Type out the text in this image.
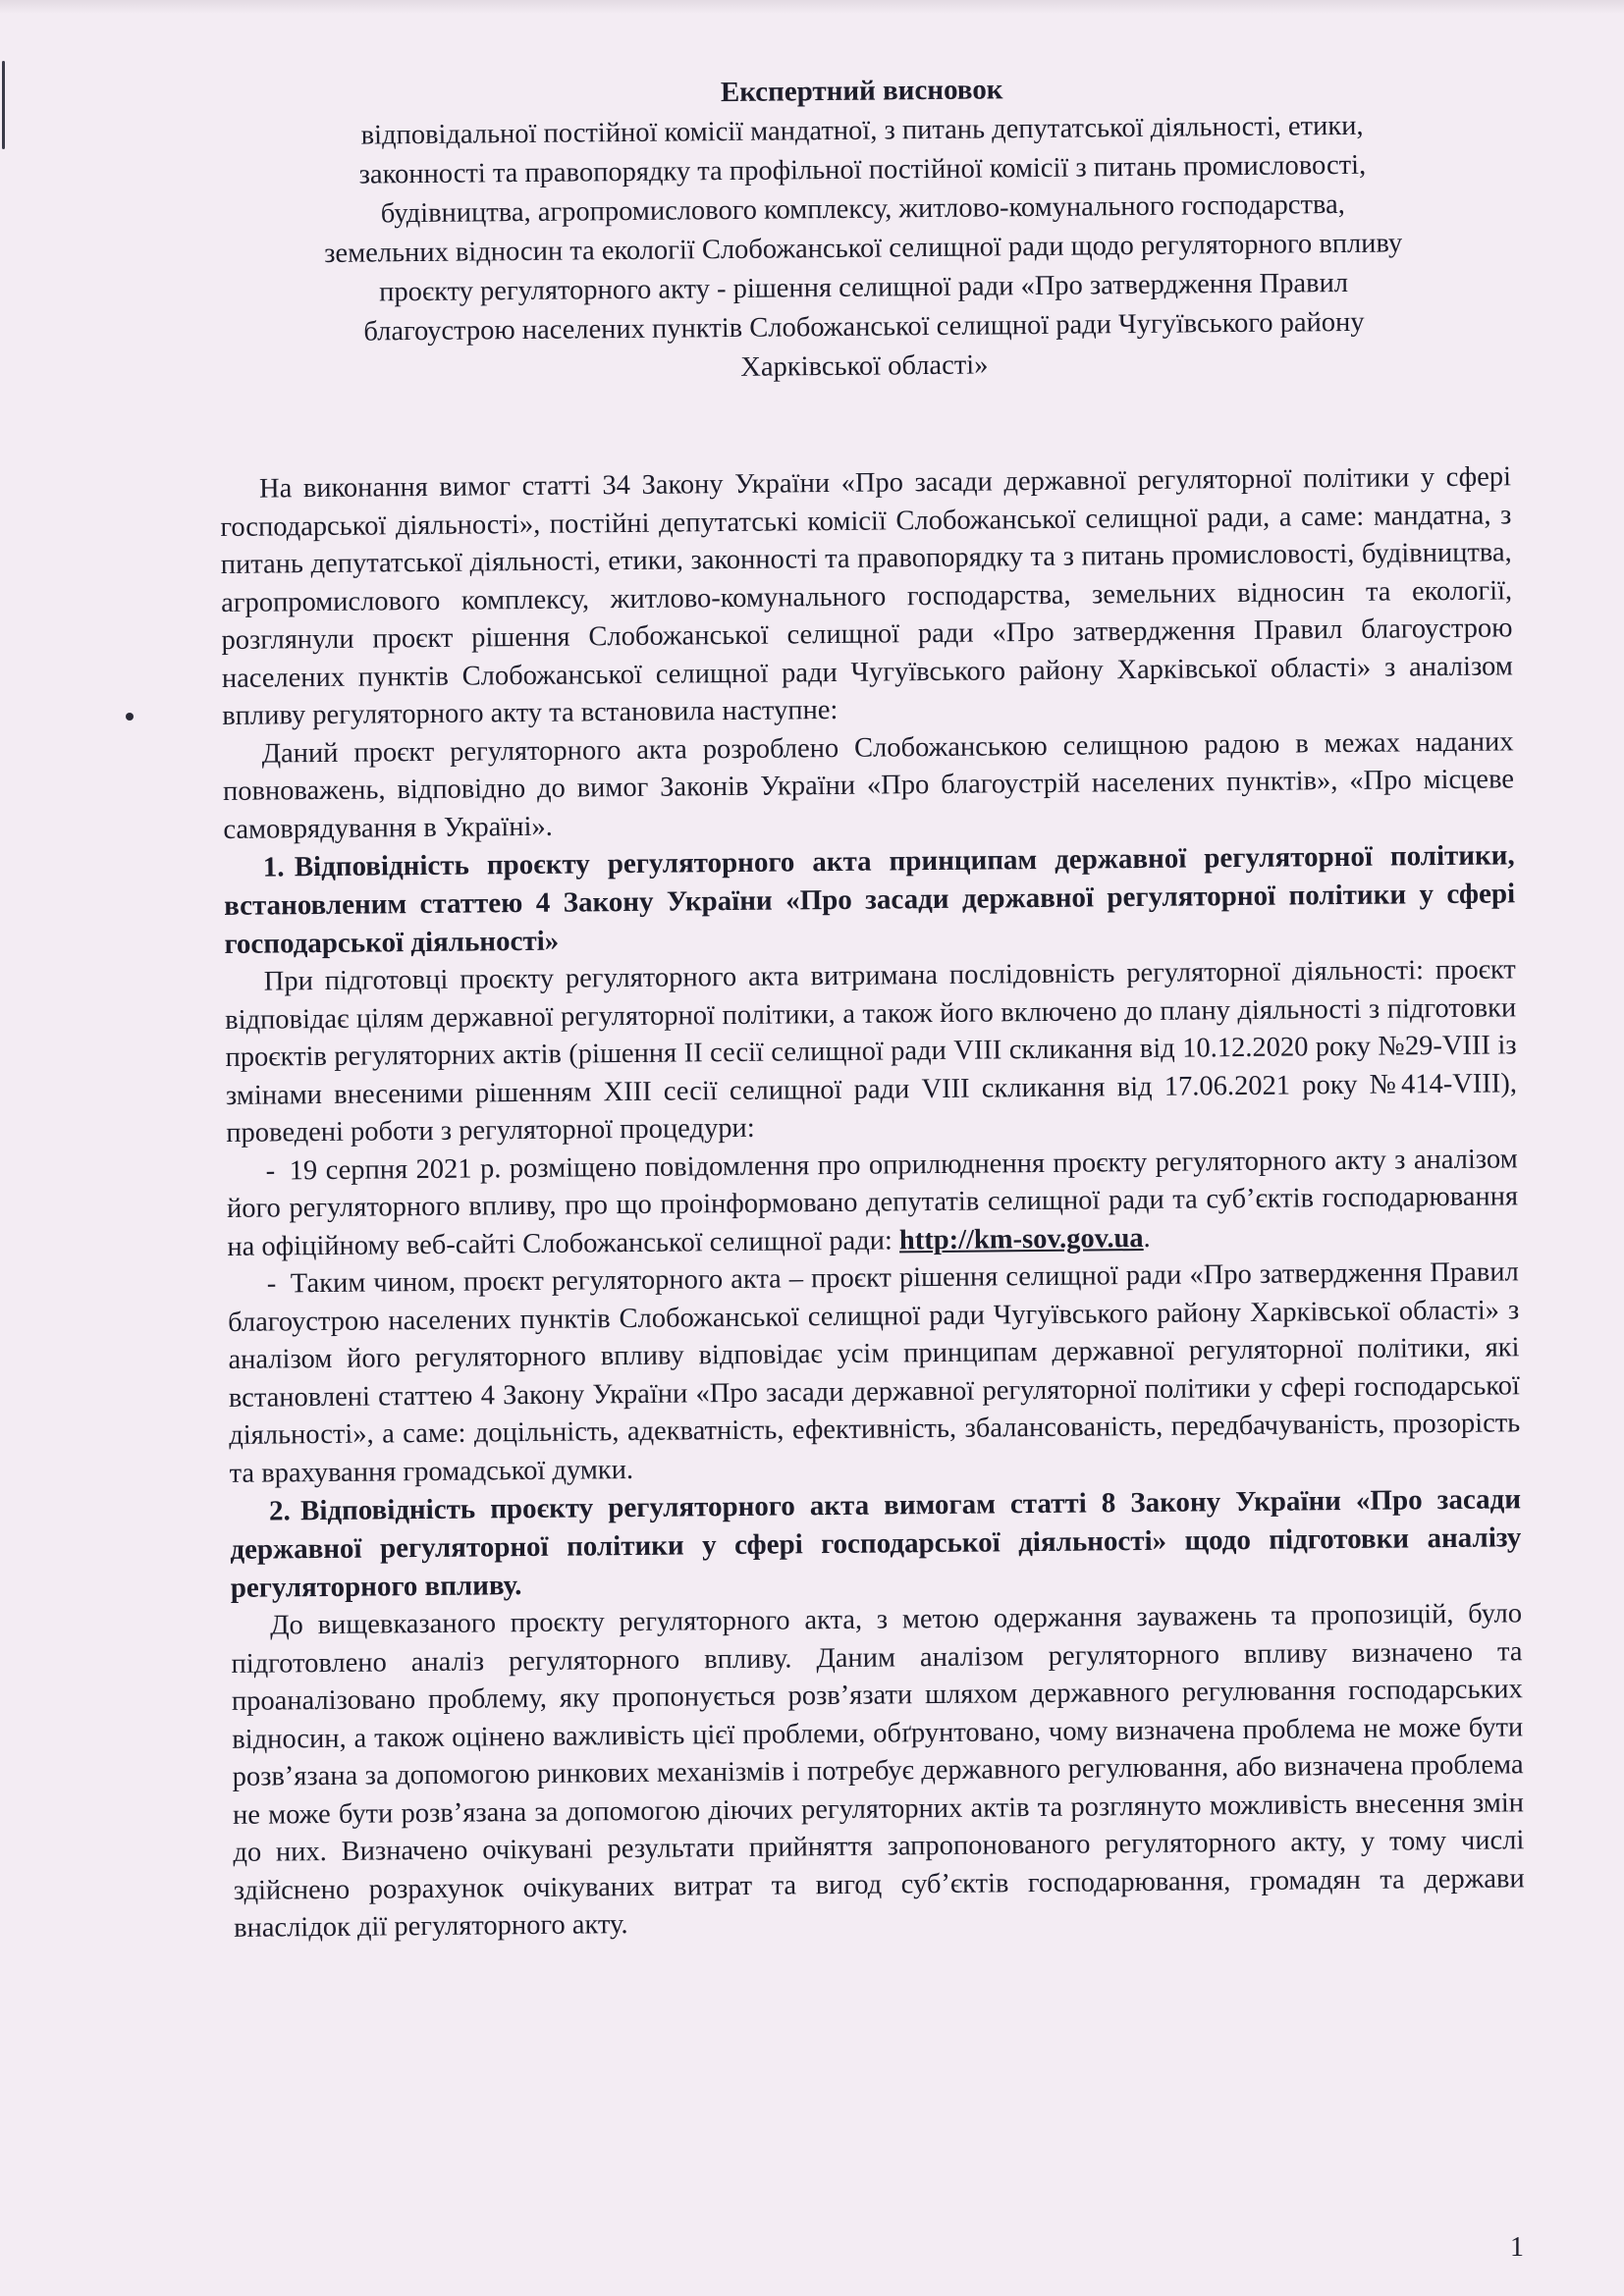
Експертний висновок
відповідальної постійної комісії мандатної, з питань депутатської діяльності, етики,
законності та правопорядку та профільної постійної комісії з питань промисловості,
будівництва, агропромислового комплексу, житлово-комунального господарства,
земельних відносин та екології Слобожанської селищної ради щодо регуляторного впливу
проєкту регуляторного акту - рішення селищної ради «Про затвердження Правил
благоустрою населених пунктів Слобожанської селищної ради Чугуївського району
Харківської області»

На виконання вимог статті 34 Закону України «Про засади державної регуляторної політики у сфері господарської діяльності», постійні депутатські комісії Слобожанської селищної ради, а саме: мандатна, з питань депутатської діяльності, етики, законності та правопорядку та з питань промисловості, будівництва, агропромислового комплексу, житлово-комунального господарства, земельних відносин та екології, розглянули проєкт рішення Слобожанської селищної ради «Про затвердження Правил благоустрою населених пунктів Слобожанської селищної ради Чугуївського району Харківської області» з аналізом впливу регуляторного акту та встановила наступне:

Даний проєкт регуляторного акта розроблено Слобожанською селищною радою в межах наданих повноважень, відповідно до вимог Законів України «Про благоустрій населених пунктів», «Про місцеве самоврядування в Україні».

1. Відповідність проєкту регуляторного акта принципам державної регуляторної політики, встановленим статтею 4 Закону України «Про засади державної регуляторної політики у сфері господарської діяльності»

При підготовці проєкту регуляторного акта витримана послідовність регуляторної діяльності: проєкт відповідає цілям державної регуляторної політики, а також його включено до плану діяльності з підготовки проєктів регуляторних актів (рішення ІІ сесії селищної ради VIII скликання від 10.12.2020 року №29-VIII із змінами внесеними рішенням ХІІІ сесії селищної ради VIII скликання від 17.06.2021 року №414-VIII), проведені роботи з регуляторної процедури:

- 19 серпня 2021 р. розміщено повідомлення про оприлюднення проєкту регуляторного акту з аналізом його регуляторного впливу, про що проінформовано депутатів селищної ради та суб’єктів господарювання на офіційному веб-сайті Слобожанської селищної ради: http://km-sov.gov.ua.

- Таким чином, проєкт регуляторного акта – проєкт рішення селищної ради «Про затвердження Правил благоустрою населених пунктів Слобожанської селищної ради Чугуївського району Харківської області» з аналізом його регуляторного впливу відповідає усім принципам державної регуляторної політики, які встановлені статтею 4 Закону України «Про засади державної регуляторної політики у сфері господарської діяльності», а саме: доцільність, адекватність, ефективність, збалансованість, передбачуваність, прозорість та врахування громадської думки.

2. Відповідність проєкту регуляторного акта вимогам статті 8 Закону України «Про засади державної регуляторної політики у сфері господарської діяльності» щодо підготовки аналізу регуляторного впливу.

До вищевказаного проєкту регуляторного акта, з метою одержання зауважень та пропозицій, було підготовлено аналіз регуляторного впливу. Даним аналізом регуляторного впливу визначено та проаналізовано проблему, яку пропонується розв’язати шляхом державного регулювання господарських відносин, а також оцінено важливість цієї проблеми, обґрунтовано, чому визначена проблема не може бути розв’язана за допомогою ринкових механізмів і потребує державного регулювання, або визначена проблема не може бути розв’язана за допомогою діючих регуляторних актів та розглянуто можливість внесення змін до них. Визначено очікувані результати прийняття запропонованого регуляторного акту, у тому числі здійснено розрахунок очікуваних витрат та вигод суб’єктів господарювання, громадян та держави внаслідок дії регуляторного акту.

1
